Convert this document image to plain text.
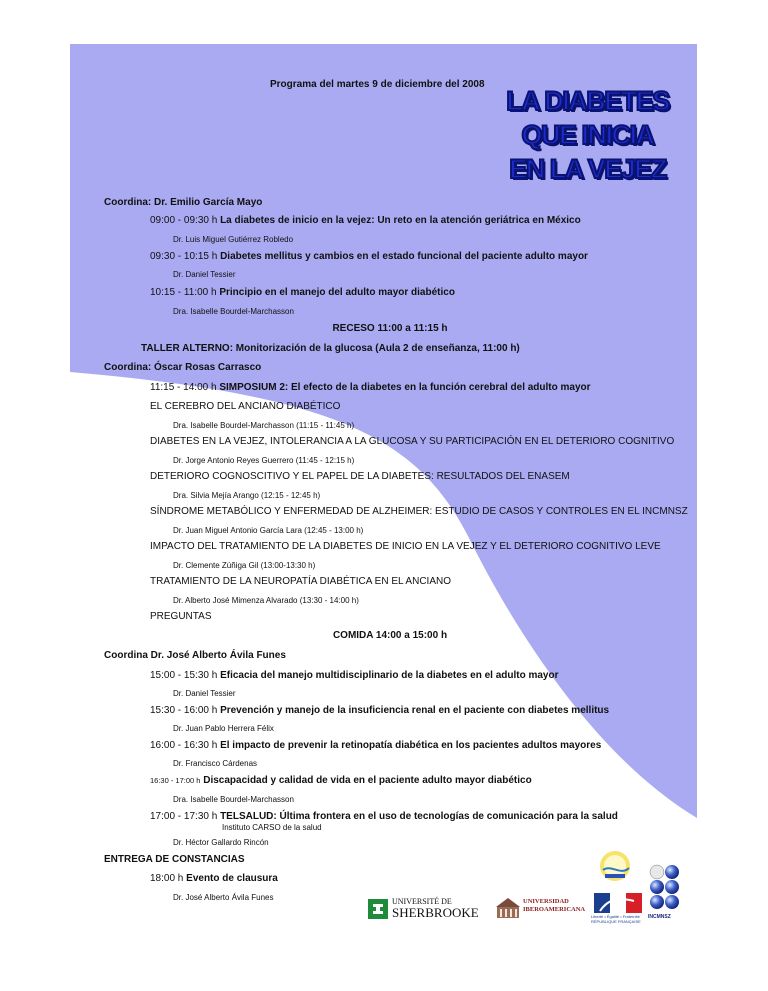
Programa del martes 9 de diciembre del 2008
LA DIABETES
QUE INICIA
EN LA VEJEZ
Coordina: Dr. Emilio García Mayo
09:00 - 09:30 h La diabetes de inicio en la vejez: Un reto en la atención geriátrica en México
Dr. Luis Miguel Gutiérrez Robledo
09:30 - 10:15 h Diabetes mellitus y cambios en el estado funcional del paciente adulto mayor
Dr. Daniel Tessier
10:15 - 11:00 h Principio en el manejo del adulto mayor diabético
Dra. Isabelle Bourdel-Marchasson
RECESO 11:00 a 11:15 h
TALLER ALTERNO: Monitorización de la glucosa (Aula 2 de enseñanza, 11:00 h)
Coordina: Óscar Rosas Carrasco
11:15 - 14:00 h SIMPOSIUM 2: El efecto de la diabetes en la función cerebral del adulto mayor
EL CEREBRO DEL ANCIANO DIABÉTICO
Dra. Isabelle Bourdel-Marchasson (11:15 - 11:45 h)
DIABETES EN LA VEJEZ, INTOLERANCIA A LA GLUCOSA Y SU PARTICIPACIÓN EN EL DETERIORO COGNITIVO
Dr. Jorge Antonio Reyes Guerrero (11:45 - 12:15 h)
DETERIORO COGNOSCITIVO Y EL PAPEL DE LA DIABETES: RESULTADOS DEL ENASEM
Dra. Silvia Mejía Arango (12:15 - 12:45 h)
SÍNDROME METABÓLICO Y ENFERMEDAD DE ALZHEIMER: ESTUDIO DE CASOS Y CONTROLES EN EL INCMNSZ
Dr. Juan Miguel Antonio García Lara (12:45 - 13:00 h)
IMPACTO DEL TRATAMIENTO DE LA DIABETES DE INICIO EN LA VEJEZ Y EL DETERIORO COGNITIVO LEVE
Dr. Clemente Zúñiga Gil (13:00-13:30 h)
TRATAMIENTO DE LA NEUROPATÍA DIABÉTICA EN EL ANCIANO
Dr. Alberto José Mimenza Alvarado (13:30 - 14:00 h)
PREGUNTAS
COMIDA 14:00 a 15:00 h
Coordina Dr. José Alberto Ávila Funes
15:00 - 15:30 h Eficacia del manejo multidisciplinario de la diabetes en el adulto mayor
Dr. Daniel Tessier
15:30 - 16:00 h Prevención y manejo de la insuficiencia renal en el paciente con diabetes mellitus
Dr. Juan Pablo Herrera Félix
16:00 - 16:30 h El impacto de prevenir la retinopatía diabética en los pacientes adultos mayores
Dr. Francisco Cárdenas
16:30 - 17:00 h Discapacidad y calidad de vida en el paciente adulto mayor diabético
Dra. Isabelle Bourdel-Marchasson
17:00 - 17:30 h TELSALUD: Última frontera en el uso de tecnologías de comunicación para la salud
Instituto CARSO de la salud
Dr. Héctor Gallardo Rincón
ENTREGA DE CONSTANCIAS
18:00 h Evento de clausura
Dr. José Alberto Ávila Funes	UNIVERSITÉ DE
SHERBROOKE
UNIVERSIDAD
IBEROAMERICANA
Liberté • Égalité • Fraternité
RÉPUBLIQUE FRANÇAISE
INCMNSZ
